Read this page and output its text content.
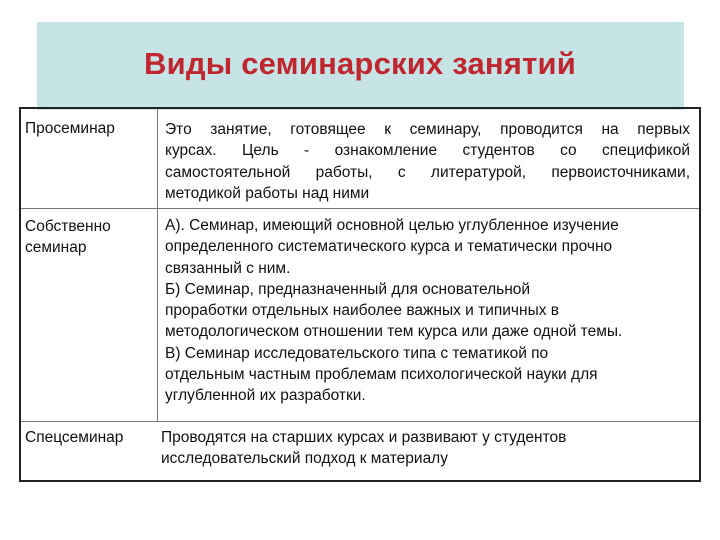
Виды семинарских занятий
Просеминар	Это занятие, готовящее к семинару, проводится на первых
курсах. Цель - ознакомление студентов со спецификой
самостоятельной работы, с литературой, первоисточниками,
методикой работы над ними
Собственно
семинар
А). Семинар, имеющий основной целью углубленное изучение
определенного систематического курса и тематически прочно
связанный с ним.
Б) Семинар, предназначенный для основательной
проработки отдельных наиболее важных и типичных в
методологическом отношении тем курса или даже одной темы.
В) Семинар исследовательского типа с тематикой по
отдельным частным проблемам психологической науки для
углубленной их разработки.
Спецсеминар Проводятся на старших курсах и развивают у студентов
исследовательский подход к материалу
